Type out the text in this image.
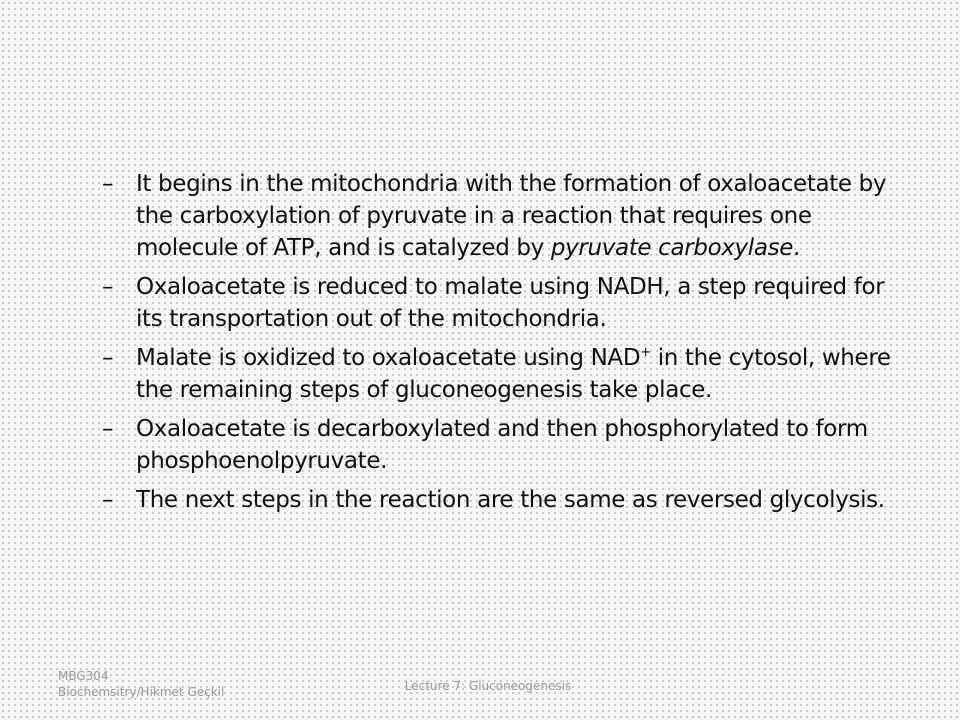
– It begins in the mitochondria with the formation of oxaloacetate by the carboxylation of pyruvate in a reaction that requires one molecule of ATP, and is catalyzed by pyruvate carboxylase.
– Oxaloacetate is reduced to malate using NADH, a step required for its transportation out of the mitochondria.
– Malate is oxidized to oxaloacetate using NAD+ in the cytosol, where the remaining steps of gluconeogenesis take place.
– Oxaloacetate is decarboxylated and then phosphorylated to form phosphoenolpyruvate.
– The next steps in the reaction are the same as reversed glycolysis.
MBG304
Biochemsitry/Hikmet Geçkil	Lecture 7: Gluconeogenesis
